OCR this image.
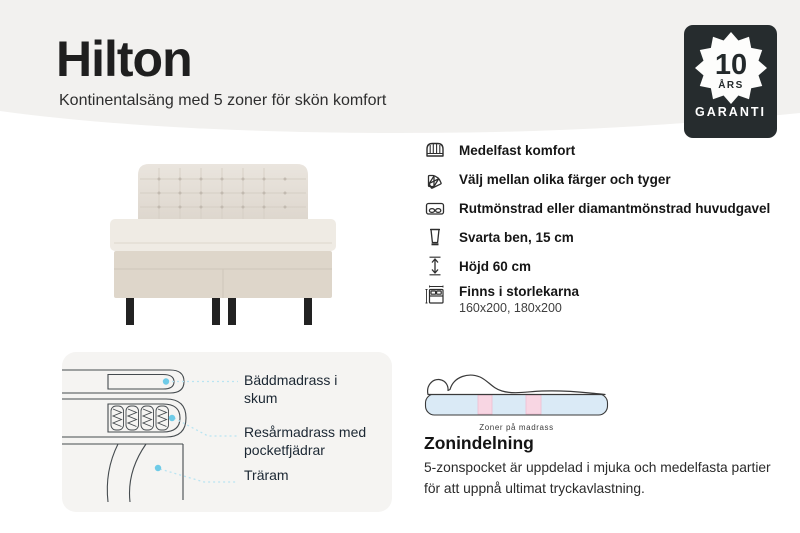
Hilton
Kontinentalsäng med 5 zoner för skön komfort
10
ÅRS
GARANTI
Medelfast komfort
Välj mellan olika färger och tyger
Rutmönstrad eller diamantmönstrad huvudgavel
Svarta ben, 15 cm
Höjd 60 cm
Finns i storlekarna
160x200, 180x200
Bäddmadrass i skum
Resårmadrass med pocketfjädrar
Träram
Zoner på madrass
Zonindelning
5-zonspocket är uppdelad i mjuka och medelfasta partier för att uppnå ultimat tryckavlastning.
